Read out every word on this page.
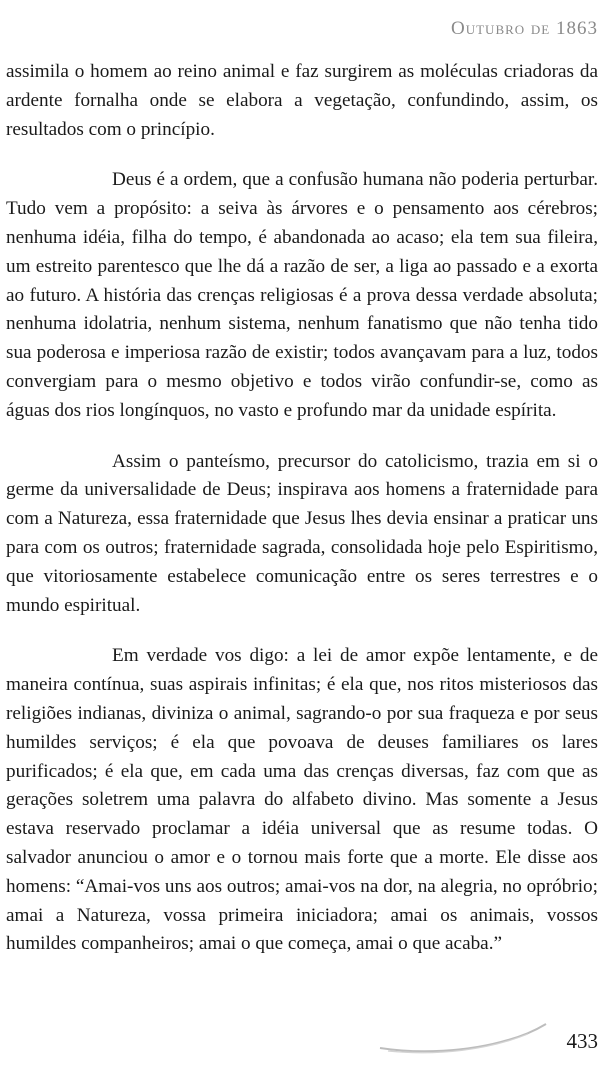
Outubro de 1863

assimila o homem ao reino animal e faz surgirem as moléculas criadoras da ardente fornalha onde se elabora a vegetação, confundindo, assim, os resultados com o princípio.

Deus é a ordem, que a confusão humana não poderia perturbar. Tudo vem a propósito: a seiva às árvores e o pensamento aos cérebros; nenhuma idéia, filha do tempo, é abandonada ao acaso; ela tem sua fileira, um estreito parentesco que lhe dá a razão de ser, a liga ao passado e a exorta ao futuro. A história das crenças religiosas é a prova dessa verdade absoluta; nenhuma idolatria, nenhum sistema, nenhum fanatismo que não tenha tido sua poderosa e imperiosa razão de existir; todos avançavam para a luz, todos convergiam para o mesmo objetivo e todos virão confundir-se, como as águas dos rios longínquos, no vasto e profundo mar da unidade espírita.

Assim o panteísmo, precursor do catolicismo, trazia em si o germe da universalidade de Deus; inspirava aos homens a fraternidade para com a Natureza, essa fraternidade que Jesus lhes devia ensinar a praticar uns para com os outros; fraternidade sagrada, consolidada hoje pelo Espiritismo, que vitoriosamente estabelece comunicação entre os seres terrestres e o mundo espiritual.

Em verdade vos digo: a lei de amor expõe lentamente, e de maneira contínua, suas aspirais infinitas; é ela que, nos ritos misteriosos das religiões indianas, diviniza o animal, sagrando-o por sua fraqueza e por seus humildes serviços; é ela que povoava de deuses familiares os lares purificados; é ela que, em cada uma das crenças diversas, faz com que as gerações soletrem uma palavra do alfabeto divino. Mas somente a Jesus estava reservado proclamar a idéia universal que as resume todas. O salvador anunciou o amor e o tornou mais forte que a morte. Ele disse aos homens: “Amai-vos uns aos outros; amai-vos na dor, na alegria, no opróbrio; amai a Natureza, vossa primeira iniciadora; amai os animais, vossos humildes companheiros; amai o que começa, amai o que acaba.”

433
